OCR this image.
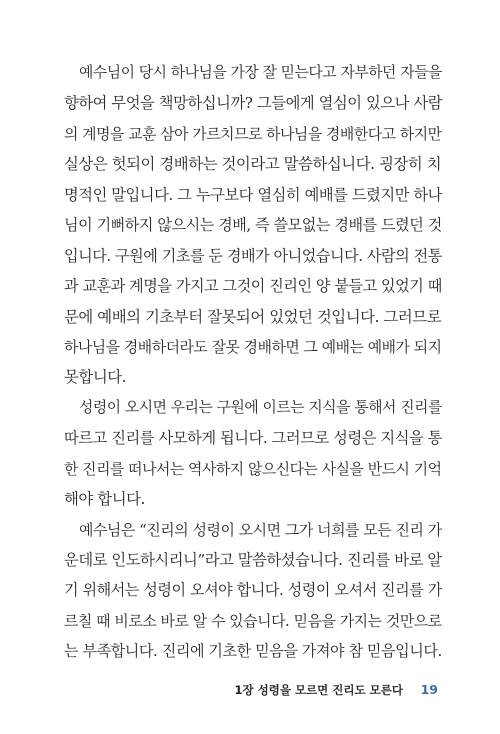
예수님이 당시 하나님을 가장 잘 믿는다고 자부하던 자들을
향하여 무엇을 책망하십니까? 그들에게 열심이 있으나 사람
의 계명을 교훈 삼아 가르치므로 하나님을 경배한다고 하지만
실상은 헛되이 경배하는 것이라고 말씀하십니다. 굉장히 치
명적인 말입니다. 그 누구보다 열심히 예배를 드렸지만 하나
님이 기뻐하지 않으시는 경배, 즉 쓸모없는 경배를 드렸던 것
입니다. 구원에 기초를 둔 경배가 아니었습니다. 사람의 전통
과 교훈과 계명을 가지고 그것이 진리인 양 붙들고 있었기 때
문에 예배의 기초부터 잘못되어 있었던 것입니다. 그러므로
하나님을 경배하더라도 잘못 경배하면 그 예배는 예배가 되지
못합니다.
성령이 오시면 우리는 구원에 이르는 지식을 통해서 진리를
따르고 진리를 사모하게 됩니다. 그러므로 성령은 지식을 통
한 진리를 떠나서는 역사하지 않으신다는 사실을 반드시 기억
해야 합니다.
예수님은 “진리의 성령이 오시면 그가 너희를 모든 진리 가
운데로 인도하시리니”라고 말씀하셨습니다. 진리를 바로 알
기 위해서는 성령이 오셔야 합니다. 성령이 오셔서 진리를 가
르칠 때 비로소 바로 알 수 있습니다. 믿음을 가지는 것만으로
는 부족합니다. 진리에 기초한 믿음을 가져야 참 믿음입니다.
1장 성령을 모르면 진리도 모른다 19
